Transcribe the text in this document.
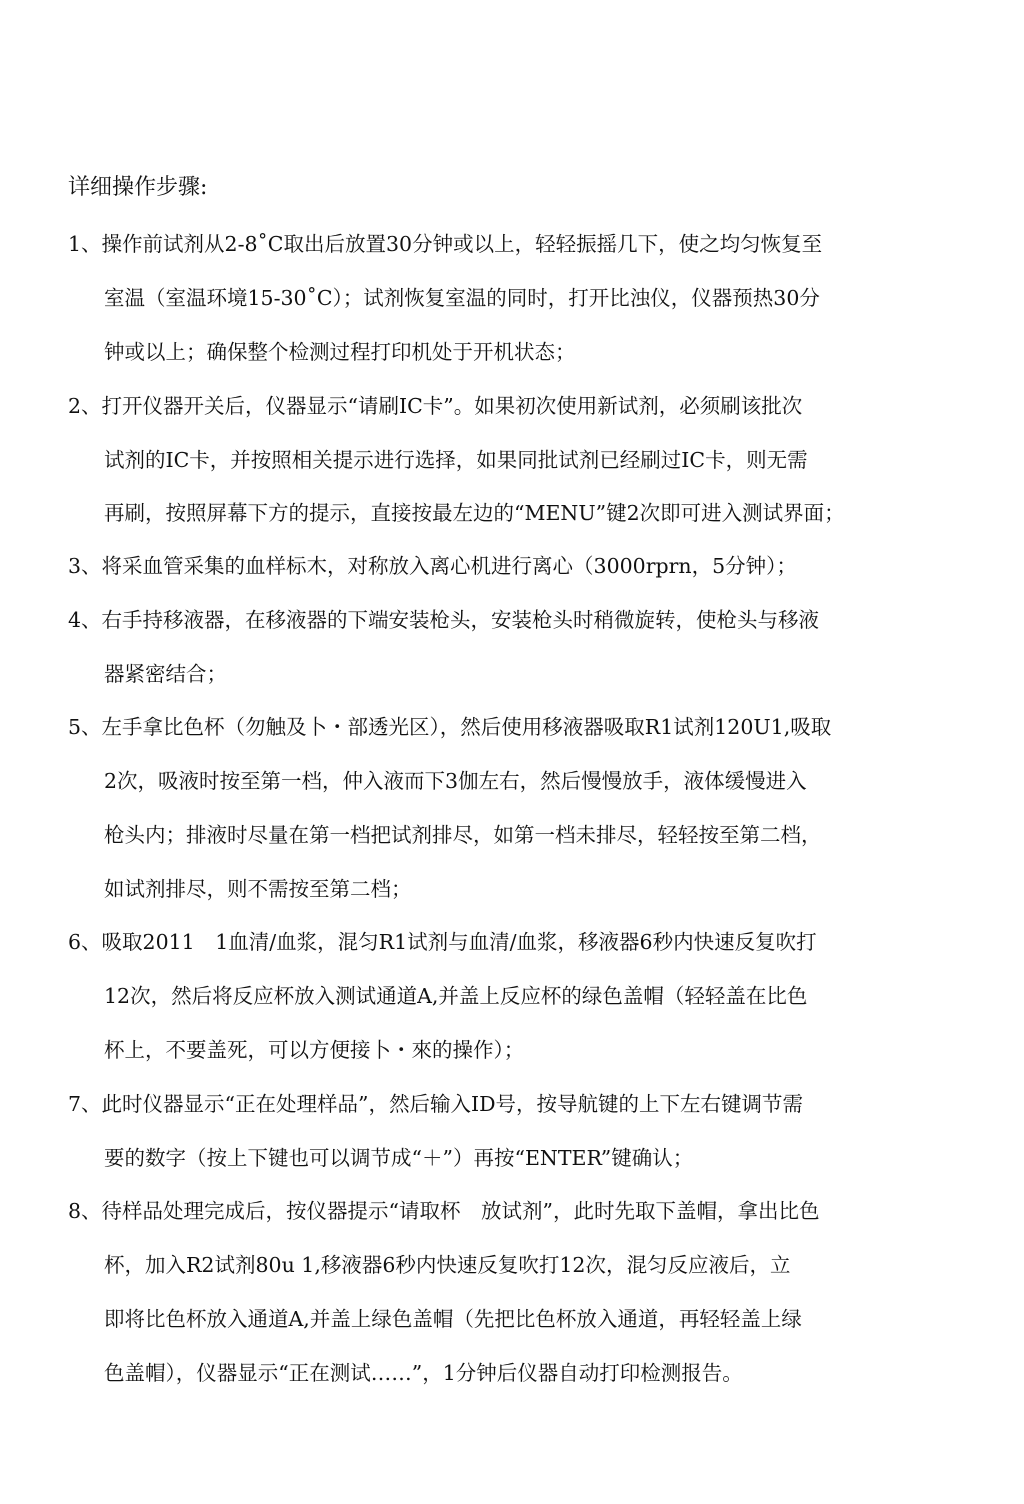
详细操作步骤:
1、操作前试剂从2-8˚C取出后放置30分钟或以上，轻轻振摇几下，使之均匀恢复至
室温（室温环境15-30˚C）；试剂恢复室温的同时，打开比浊仪，仪器预热30分
钟或以上；确保整个检测过程打印机处于开机状态；
2、打开仪器开关后，仪器显示“请刷IC卡”。如果初次使用新试剂，必须刷该批次
试剂的IC卡，并按照相关提示进行选择，如果同批试剂已经刷过IC卡，则无需
再刷，按照屏幕下方的提示，直接按最左边的“MENU”键2次即可进入测试界面；
3、将采血管采集的血样标木，对称放入离心机进行离心（3000rprn，5分钟）；
4、右手持移液器，在移液器的下端安装枪头，安装枪头时稍微旋转，使枪头与移液
器紧密结合；
5、左手拿比色杯（勿触及卜・部透光区），然后使用移液器吸取R1试剂120U1,吸取
2次，吸液时按至第一档，仲入液而下3伽左右，然后慢慢放手，液体缓慢进入
枪头内；排液时尽量在第一档把试剂排尽，如第一档未排尽，轻轻按至第二档，
如试剂排尽，则不需按至第二档；
6、吸取2011　1血清/血浆，混匀R1试剂与血清/血浆，移液器6秒内快速反复吹打
12次，然后将反应杯放入测试通道A,并盖上反应杯的绿色盖帽（轻轻盖在比色
杯上，不要盖死，可以方便接卜・來的操作）；
7、此时仪器显示“正在处理样品”，然后输入ID号，按导航键的上下左右键调节需
要的数字（按上下键也可以调节成“＋”）再按“ENTER”键确认；
8、待样品处理完成后，按仪器提示“请取杯　放试剂”，此时先取下盖帽，拿出比色
杯，加入R2试剂80u 1,移液器6秒内快速反复吹打12次，混匀反应液后，立
即将比色杯放入通道A,并盖上绿色盖帽（先把比色杯放入通道，再轻轻盖上绿
色盖帽），仪器显示“正在测试……”，1分钟后仪器自动打印检测报告。
